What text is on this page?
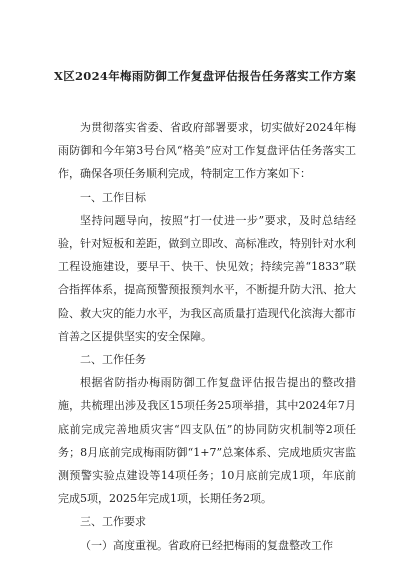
X区2024年梅雨防御工作复盘评估报告任务落实工作方案

为贯彻落实省委、省政府部署要求，切实做好2024年梅雨防御和今年第3号台风“格美”应对工作复盘评估任务落实工作，确保各项任务顺利完成，特制定工作方案如下：

一、工作目标

坚持问题导向，按照“打一仗进一步”要求，及时总结经验，针对短板和差距，做到立即改、高标准改，特别针对水利工程设施建设，要早干、快干、快见效；持续完善“1833”联合指挥体系，提高预警预报预判水平，不断提升防大汛、抢大险、救大灾的能力水平，为我区高质量打造现代化滨海大都市首善之区提供坚实的安全保障。

二、工作任务

根据省防指办梅雨防御工作复盘评估报告提出的整改措施，共梳理出涉及我区15项任务25项举措，其中2024年7月底前完成完善地质灾害“四支队伍”的协同防灾机制等2项任务；8月底前完成梅雨防御“1+7”总案体系、完成地质灾害监测预警实验点建设等14项任务；10月底前完成1项，年底前完成5项，2025年完成1项，长期任务2项。

三、工作要求

（一）高度重视。省政府已经把梅雨的复盘整改工作
